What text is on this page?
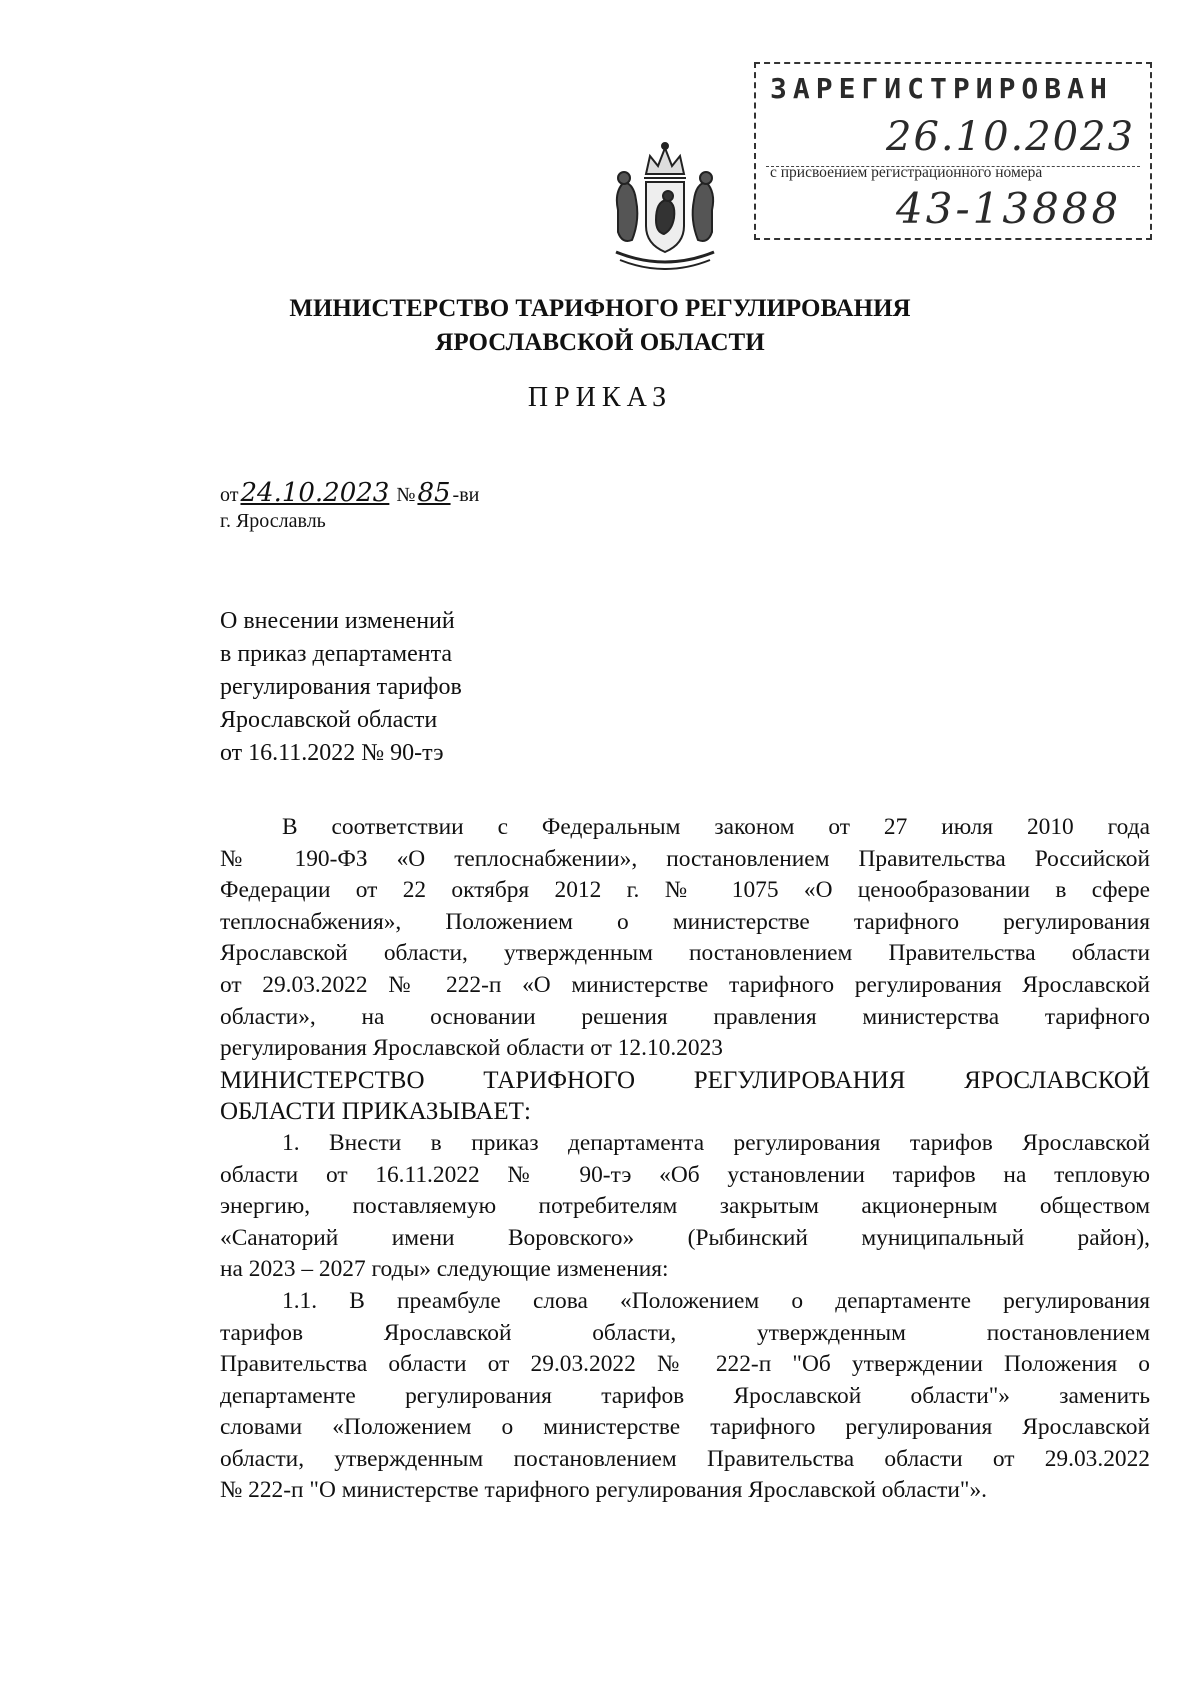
ЗАРЕГИСТРИРОВАН
26.10.2023
с присвоением регистрационного номера
43-13888
МИНИСТЕРСТВО ТАРИФНОГО РЕГУЛИРОВАНИЯ
ЯРОСЛАВСКОЙ ОБЛАСТИ
ПРИКАЗ
от24.10.2023 №85 -ви
г. Ярославль
О внесении изменений
в приказ департамента
регулирования тарифов
Ярославской области
от 16.11.2022 № 90-тэ
В соответствии с Федеральным законом от 27 июля 2010 года
№ 190-ФЗ «О теплоснабжении», постановлением Правительства Российской
Федерации от 22 октября 2012 г. № 1075 «О ценообразовании в сфере
теплоснабжения», Положением о министерстве тарифного регулирования
Ярославской области, утвержденным постановлением Правительства области
от 29.03.2022 № 222-п «О министерстве тарифного регулирования Ярославской
области», на основании решения правления министерства тарифного
регулирования Ярославской области от 12.10.2023
МИНИСТЕРСТВО ТАРИФНОГО РЕГУЛИРОВАНИЯ ЯРОСЛАВСКОЙ
ОБЛАСТИ ПРИКАЗЫВАЕТ:
1. Внести в приказ департамента регулирования тарифов Ярославской
области от 16.11.2022 № 90-тэ «Об установлении тарифов на тепловую
энергию, поставляемую потребителям закрытым акционерным обществом
«Санаторий имени Воровского» (Рыбинский муниципальный район),
на 2023 – 2027 годы» следующие изменения:
1.1. В преамбуле слова «Положением о департаменте регулирования
тарифов Ярославской области, утвержденным постановлением
Правительства области от 29.03.2022 № 222-п "Об утверждении Положения о
департаменте регулирования тарифов Ярославской области"» заменить
словами «Положением о министерстве тарифного регулирования Ярославской
области, утвержденным постановлением Правительства области от 29.03.2022
№ 222-п "О министерстве тарифного регулирования Ярославской области"».
